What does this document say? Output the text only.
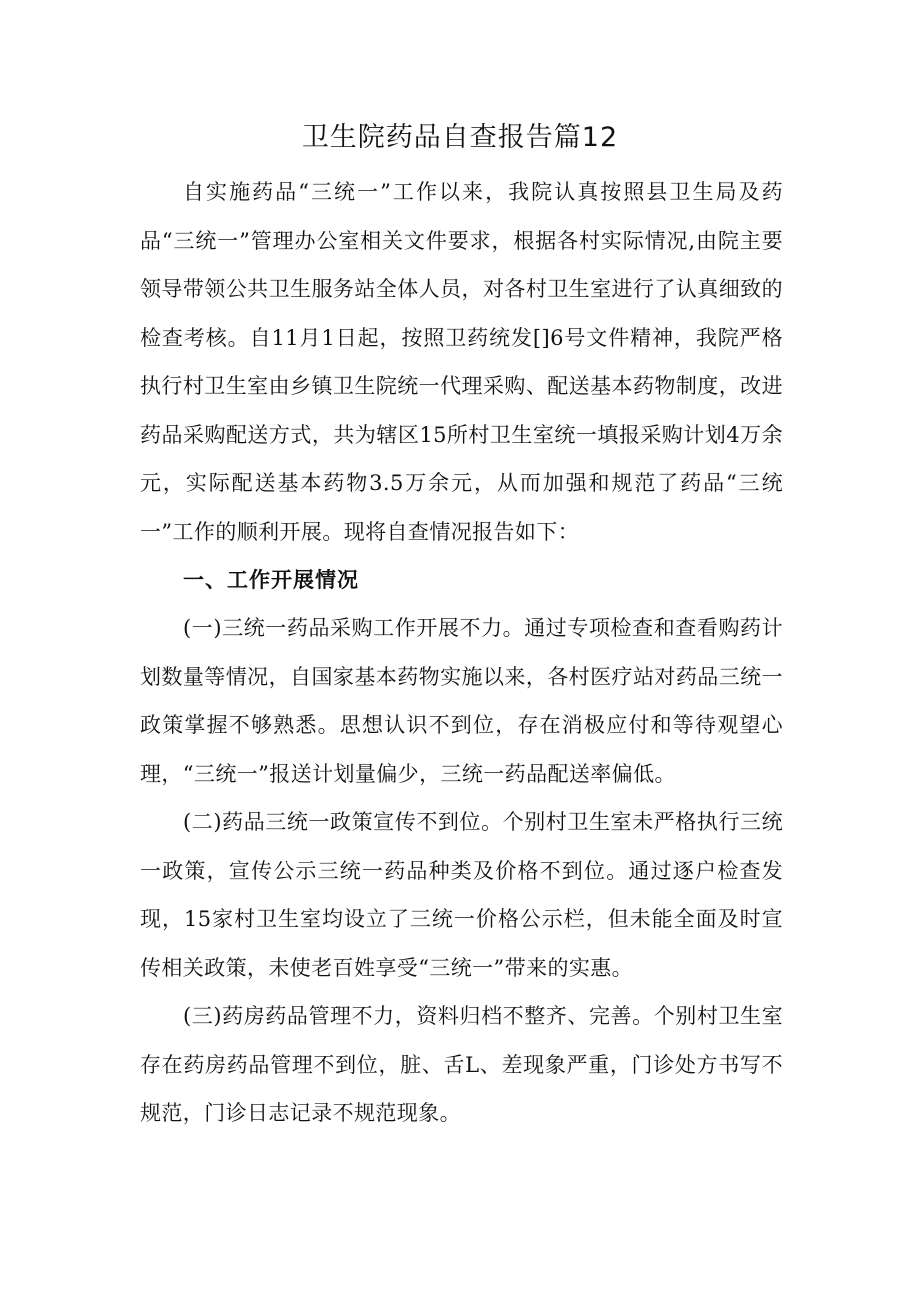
卫生院药品自查报告篇12

自实施药品“三统一”工作以来，我院认真按照县卫生局及药品“三统一”管理办公室相关文件要求，根据各村实际情况,由院主要领导带领公共卫生服务站全体人员，对各村卫生室进行了认真细致的检查考核。自11月1日起，按照卫药统发[]6号文件精神，我院严格执行村卫生室由乡镇卫生院统一代理采购、配送基本药物制度，改进药品采购配送方式，共为辖区15所村卫生室统一填报采购计划4万余元，实际配送基本药物3.5万余元，从而加强和规范了药品“三统一”工作的顺利开展。现将自查情况报告如下：

一、工作开展情况

(一)三统一药品采购工作开展不力。通过专项检查和查看购药计划数量等情况，自国家基本药物实施以来，各村医疗站对药品三统一政策掌握不够熟悉。思想认识不到位，存在消极应付和等待观望心理，“三统一”报送计划量偏少，三统一药品配送率偏低。

(二)药品三统一政策宣传不到位。个别村卫生室未严格执行三统一政策，宣传公示三统一药品种类及价格不到位。通过逐户检查发现，15家村卫生室均设立了三统一价格公示栏，但未能全面及时宣传相关政策，未使老百姓享受“三统一”带来的实惠。

(三)药房药品管理不力，资料归档不整齐、完善。个别村卫生室存在药房药品管理不到位，脏、舌L、差现象严重，门诊处方书写不规范，门诊日志记录不规范现象。
